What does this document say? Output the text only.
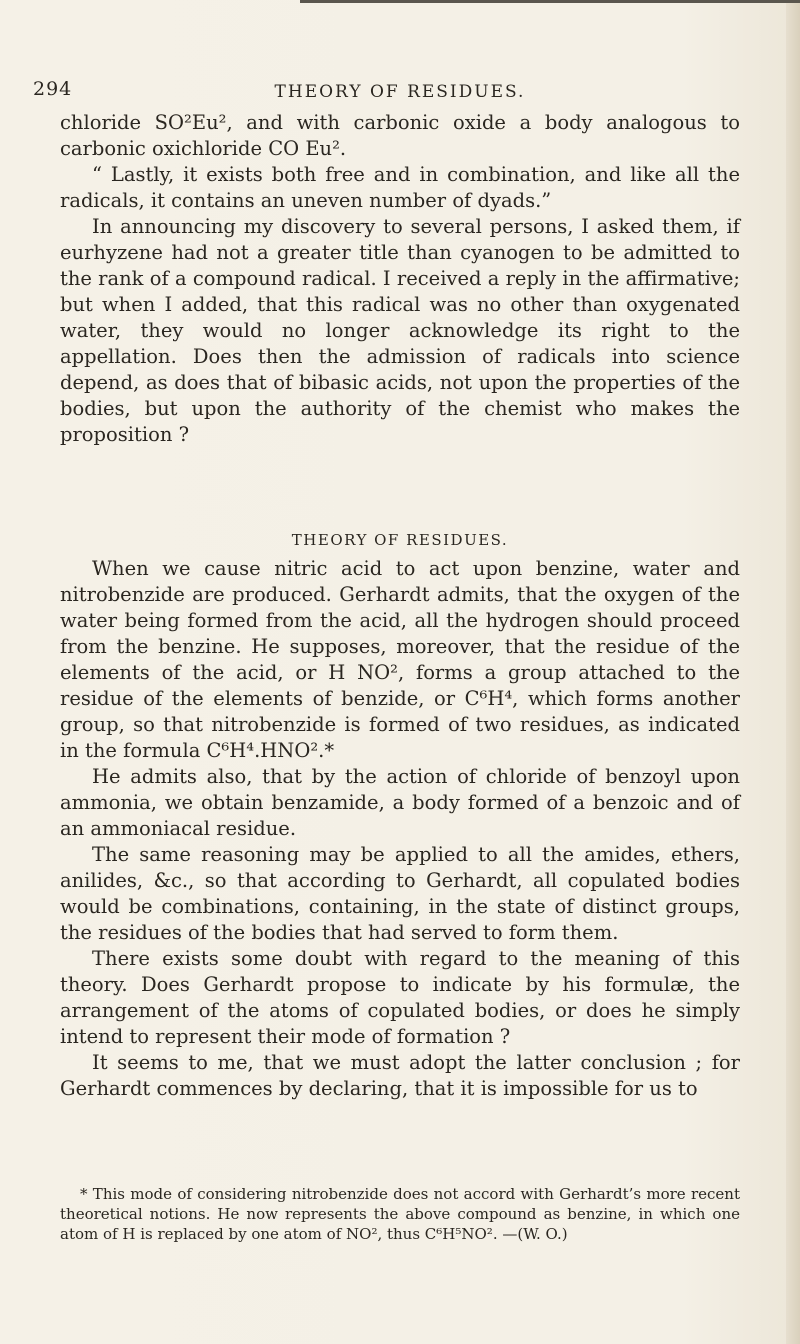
294	THEORY OF RESIDUES.

chloride SO²Eu², and with carbonic oxide a body analogous to carbonic oxichloride CO Eu².

“ Lastly, it exists both free and in combination, and like all the radicals, it contains an uneven number of dyads.”

In announcing my discovery to several persons, I asked them, if eurhyzene had not a greater title than cyanogen to be admitted to the rank of a compound radical. I received a reply in the affirmative; but when I added, that this radical was no other than oxygenated water, they would no longer acknowledge its right to the appellation. Does then the admission of radicals into science depend, as does that of bibasic acids, not upon the properties of the bodies, but upon the authority of the chemist who makes the proposition ?

THEORY OF RESIDUES.

When we cause nitric acid to act upon benzine, water and nitrobenzide are produced. Gerhardt admits, that the oxygen of the water being formed from the acid, all the hydrogen should proceed from the benzine. He supposes, moreover, that the residue of the elements of the acid, or H NO², forms a group attached to the residue of the elements of benzide, or C⁶H⁴, which forms another group, so that nitrobenzide is formed of two residues, as indicated in the formula C⁶H⁴.HNO².*

He admits also, that by the action of chloride of benzoyl upon ammonia, we obtain benzamide, a body formed of a benzoic and of an ammoniacal residue.

The same reasoning may be applied to all the amides, ethers, anilides, &c., so that according to Gerhardt, all copulated bodies would be combinations, containing, in the state of distinct groups, the residues of the bodies that had served to form them.

There exists some doubt with regard to the meaning of this theory. Does Gerhardt propose to indicate by his formulæ, the arrangement of the atoms of copulated bodies, or does he simply intend to represent their mode of formation ?

It seems to me, that we must adopt the latter conclusion ; for Gerhardt commences by declaring, that it is impossible for us to

* This mode of considering nitrobenzide does not accord with Gerhardt’s more recent theoretical notions. He now represents the above compound as benzine, in which one atom of H is replaced by one atom of NO², thus C⁶H⁵NO². —(W. O.)
